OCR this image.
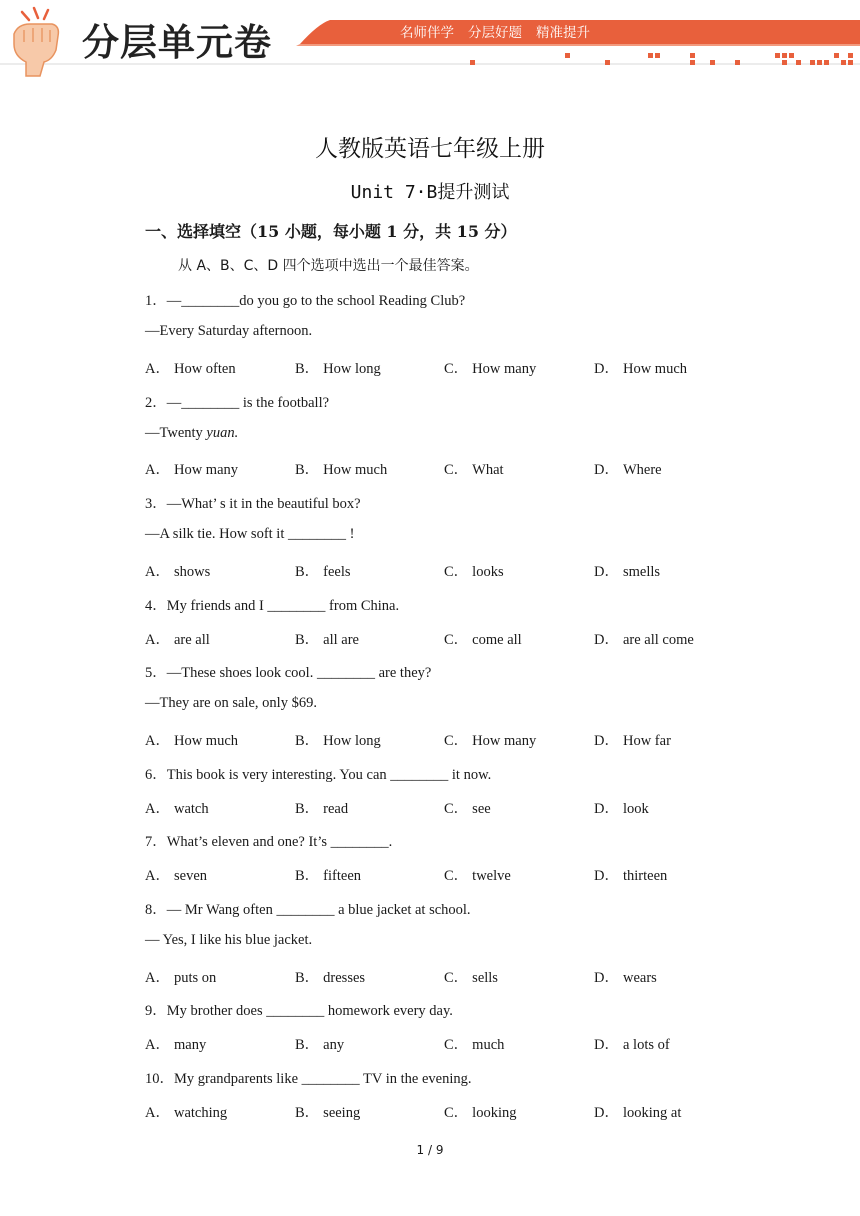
分层单元卷	名师伴学 分层好题 精准提升
人教版英语七年级上册
Unit 7·B提升测试
一、选择填空（15 小题，每小题 1 分，共 15 分）
从 A、B、C、D 四个选项中选出一个最佳答案。
1．—________do you go to the school Reading Club?
—Every Saturday afternoon.
A． How often	B． How long	C． How many	D． How much
2．—________ is the football?
—Twenty yuan.
A． How many	B． How much	C． What	D． Where
3．—What’ s it in the beautiful box?
—A silk tie. How soft it ________ !
A． shows	B． feels	C． looks	D． smells
4．My friends and I ________ from China.
A． are all	B． all are	C． come all	D． are all come
5．—These shoes look cool. ________ are they?
—They are on sale, only $69.
A． How much	B． How long	C． How many	D． How far
6．This book is very interesting. You can ________ it now.
A． watch	B． read	C． see	D． look
7．What’s eleven and one? It’s ________.
A． seven	B． fifteen	C． twelve	D． thirteen
8．— Mr Wang often ________ a blue jacket at school.
— Yes, I like his blue jacket.
A． puts on	B． dresses	C． sells	D． wears
9．My brother does ________ homework every day.
A． many	B． any	C． much	D． a lots of
10．My grandparents like ________ TV in the evening.
A． watching	B． seeing	C． looking	D． looking at
1 / 9
